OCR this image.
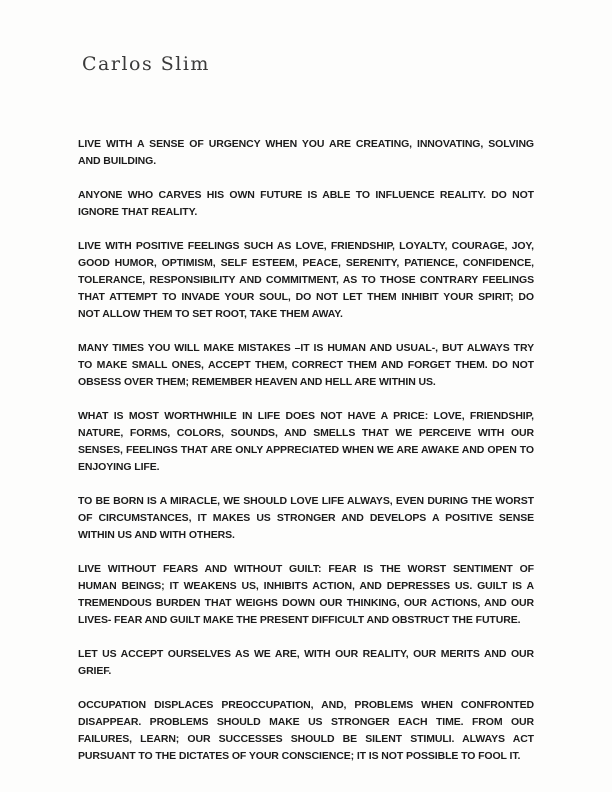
Carlos Slim
LIVE WITH A SENSE OF URGENCY WHEN YOU ARE CREATING, INNOVATING, SOLVING
AND BUILDING.
ANYONE WHO CARVES HIS OWN FUTURE IS ABLE TO INFLUENCE REALITY. DO NOT
IGNORE THAT REALITY.
LIVE WITH POSITIVE FEELINGS SUCH AS LOVE, FRIENDSHIP, LOYALTY, COURAGE, JOY,
GOOD HUMOR, OPTIMISM, SELF ESTEEM, PEACE, SERENITY, PATIENCE, CONFIDENCE,
TOLERANCE, RESPONSIBILITY AND COMMITMENT, AS TO THOSE CONTRARY FEELINGS
THAT ATTEMPT TO INVADE YOUR SOUL, DO NOT LET THEM INHIBIT YOUR SPIRIT; DO
NOT ALLOW THEM TO SET ROOT, TAKE THEM AWAY.
MANY TIMES YOU WILL MAKE MISTAKES –IT IS HUMAN AND USUAL-, BUT ALWAYS TRY
TO MAKE SMALL ONES, ACCEPT THEM, CORRECT THEM AND FORGET THEM. DO NOT
OBSESS OVER THEM; REMEMBER HEAVEN AND HELL ARE WITHIN US.
WHAT IS MOST WORTHWHILE IN LIFE DOES NOT HAVE A PRICE: LOVE, FRIENDSHIP,
NATURE, FORMS, COLORS, SOUNDS, AND SMELLS THAT WE PERCEIVE WITH OUR
SENSES, FEELINGS THAT ARE ONLY APPRECIATED WHEN WE ARE AWAKE AND OPEN TO
ENJOYING LIFE.
TO BE BORN IS A MIRACLE, WE SHOULD LOVE LIFE ALWAYS, EVEN DURING THE WORST
OF CIRCUMSTANCES, IT MAKES US STRONGER AND DEVELOPS A POSITIVE SENSE
WITHIN US AND WITH OTHERS.
LIVE WITHOUT FEARS AND WITHOUT GUILT: FEAR IS THE WORST SENTIMENT OF
HUMAN BEINGS; IT WEAKENS US, INHIBITS ACTION, AND DEPRESSES US. GUILT IS A
TREMENDOUS BURDEN THAT WEIGHS DOWN OUR THINKING, OUR ACTIONS, AND OUR
LIVES- FEAR AND GUILT MAKE THE PRESENT DIFFICULT AND OBSTRUCT THE FUTURE.
LET US ACCEPT OURSELVES AS WE ARE, WITH OUR REALITY, OUR MERITS AND OUR
GRIEF.
OCCUPATION DISPLACES PREOCCUPATION, AND, PROBLEMS WHEN CONFRONTED
DISAPPEAR. PROBLEMS SHOULD MAKE US STRONGER EACH TIME. FROM OUR
FAILURES, LEARN; OUR SUCCESSES SHOULD BE SILENT STIMULI. ALWAYS ACT
PURSUANT TO THE DICTATES OF YOUR CONSCIENCE; IT IS NOT POSSIBLE TO FOOL IT.
